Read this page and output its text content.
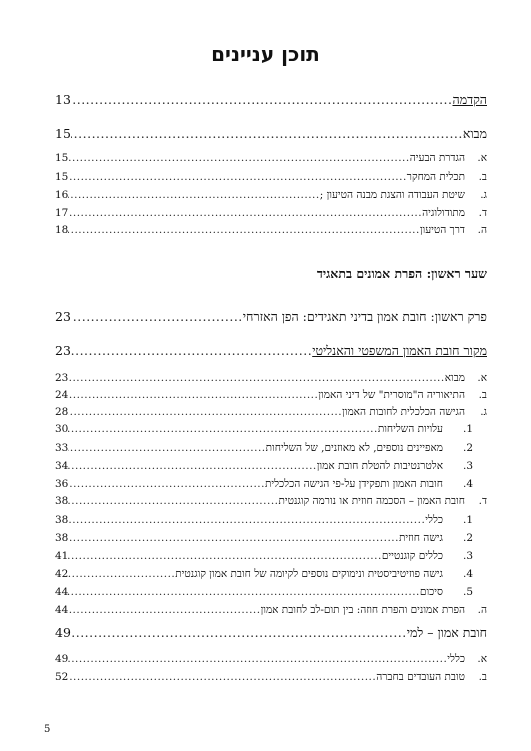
תוכן עניינים
הקדמה
.....
13
מבוא
.....
15
א.
הגדרת הבעיה
.....
15
ב.
תכלית המחקר
.....
15
ג.
שיטת העבודה והצגת מבנה הטיעון ;
.....
16
ד.
מתודולוגיה
.....
17
ה.
דרך הטיעון
.....
18
שער ראשון: הפרת אמונים בתאגיד
פרק ראשון: חובת אמון בדיני תאגידים: הפן האזרחי
.....
23
מקור חובת האמון המשפטי והאנליטי
.....
23
א.
מבוא
.....
23
ב.
התיאוריה ה"מוסרית" של דיני האמון
.....
24
ג.
הגישה הכלכלית לחובות האמון
.....
28
1.
עלויות השליחות
.....
30
2.
מאפיינים נוספים, לא מאוזנים, של השליחות
.....
33
3.
אלטרנטיבות להטלת חובת אמון
.....
34
4.
חובות האמון ותפקידן על-פי הגישה הכלכלית
.....
36
ד.
חובת האמון – הסכמה חוזית או נורמה קוגנטית
.....
38
1.
כללי
.....
38
2.
גישה חוזית
.....
38
3.
כללים קוגנטיים
.....
41
4.
גישה פוזיטיביסטית ונימוקים נוספים לקיומה של חובת אמון קוגנטית
.....
42
5.
סיכום
.....
44
ה.
הפרת אמונים והפרת חוזה: בין תום-לב לחובת אמון
.....
44
חובת אמון – למי
.....
49
א.
כללי
.....
49
ב.
טובת העובדים בחברה
.....
52
5
